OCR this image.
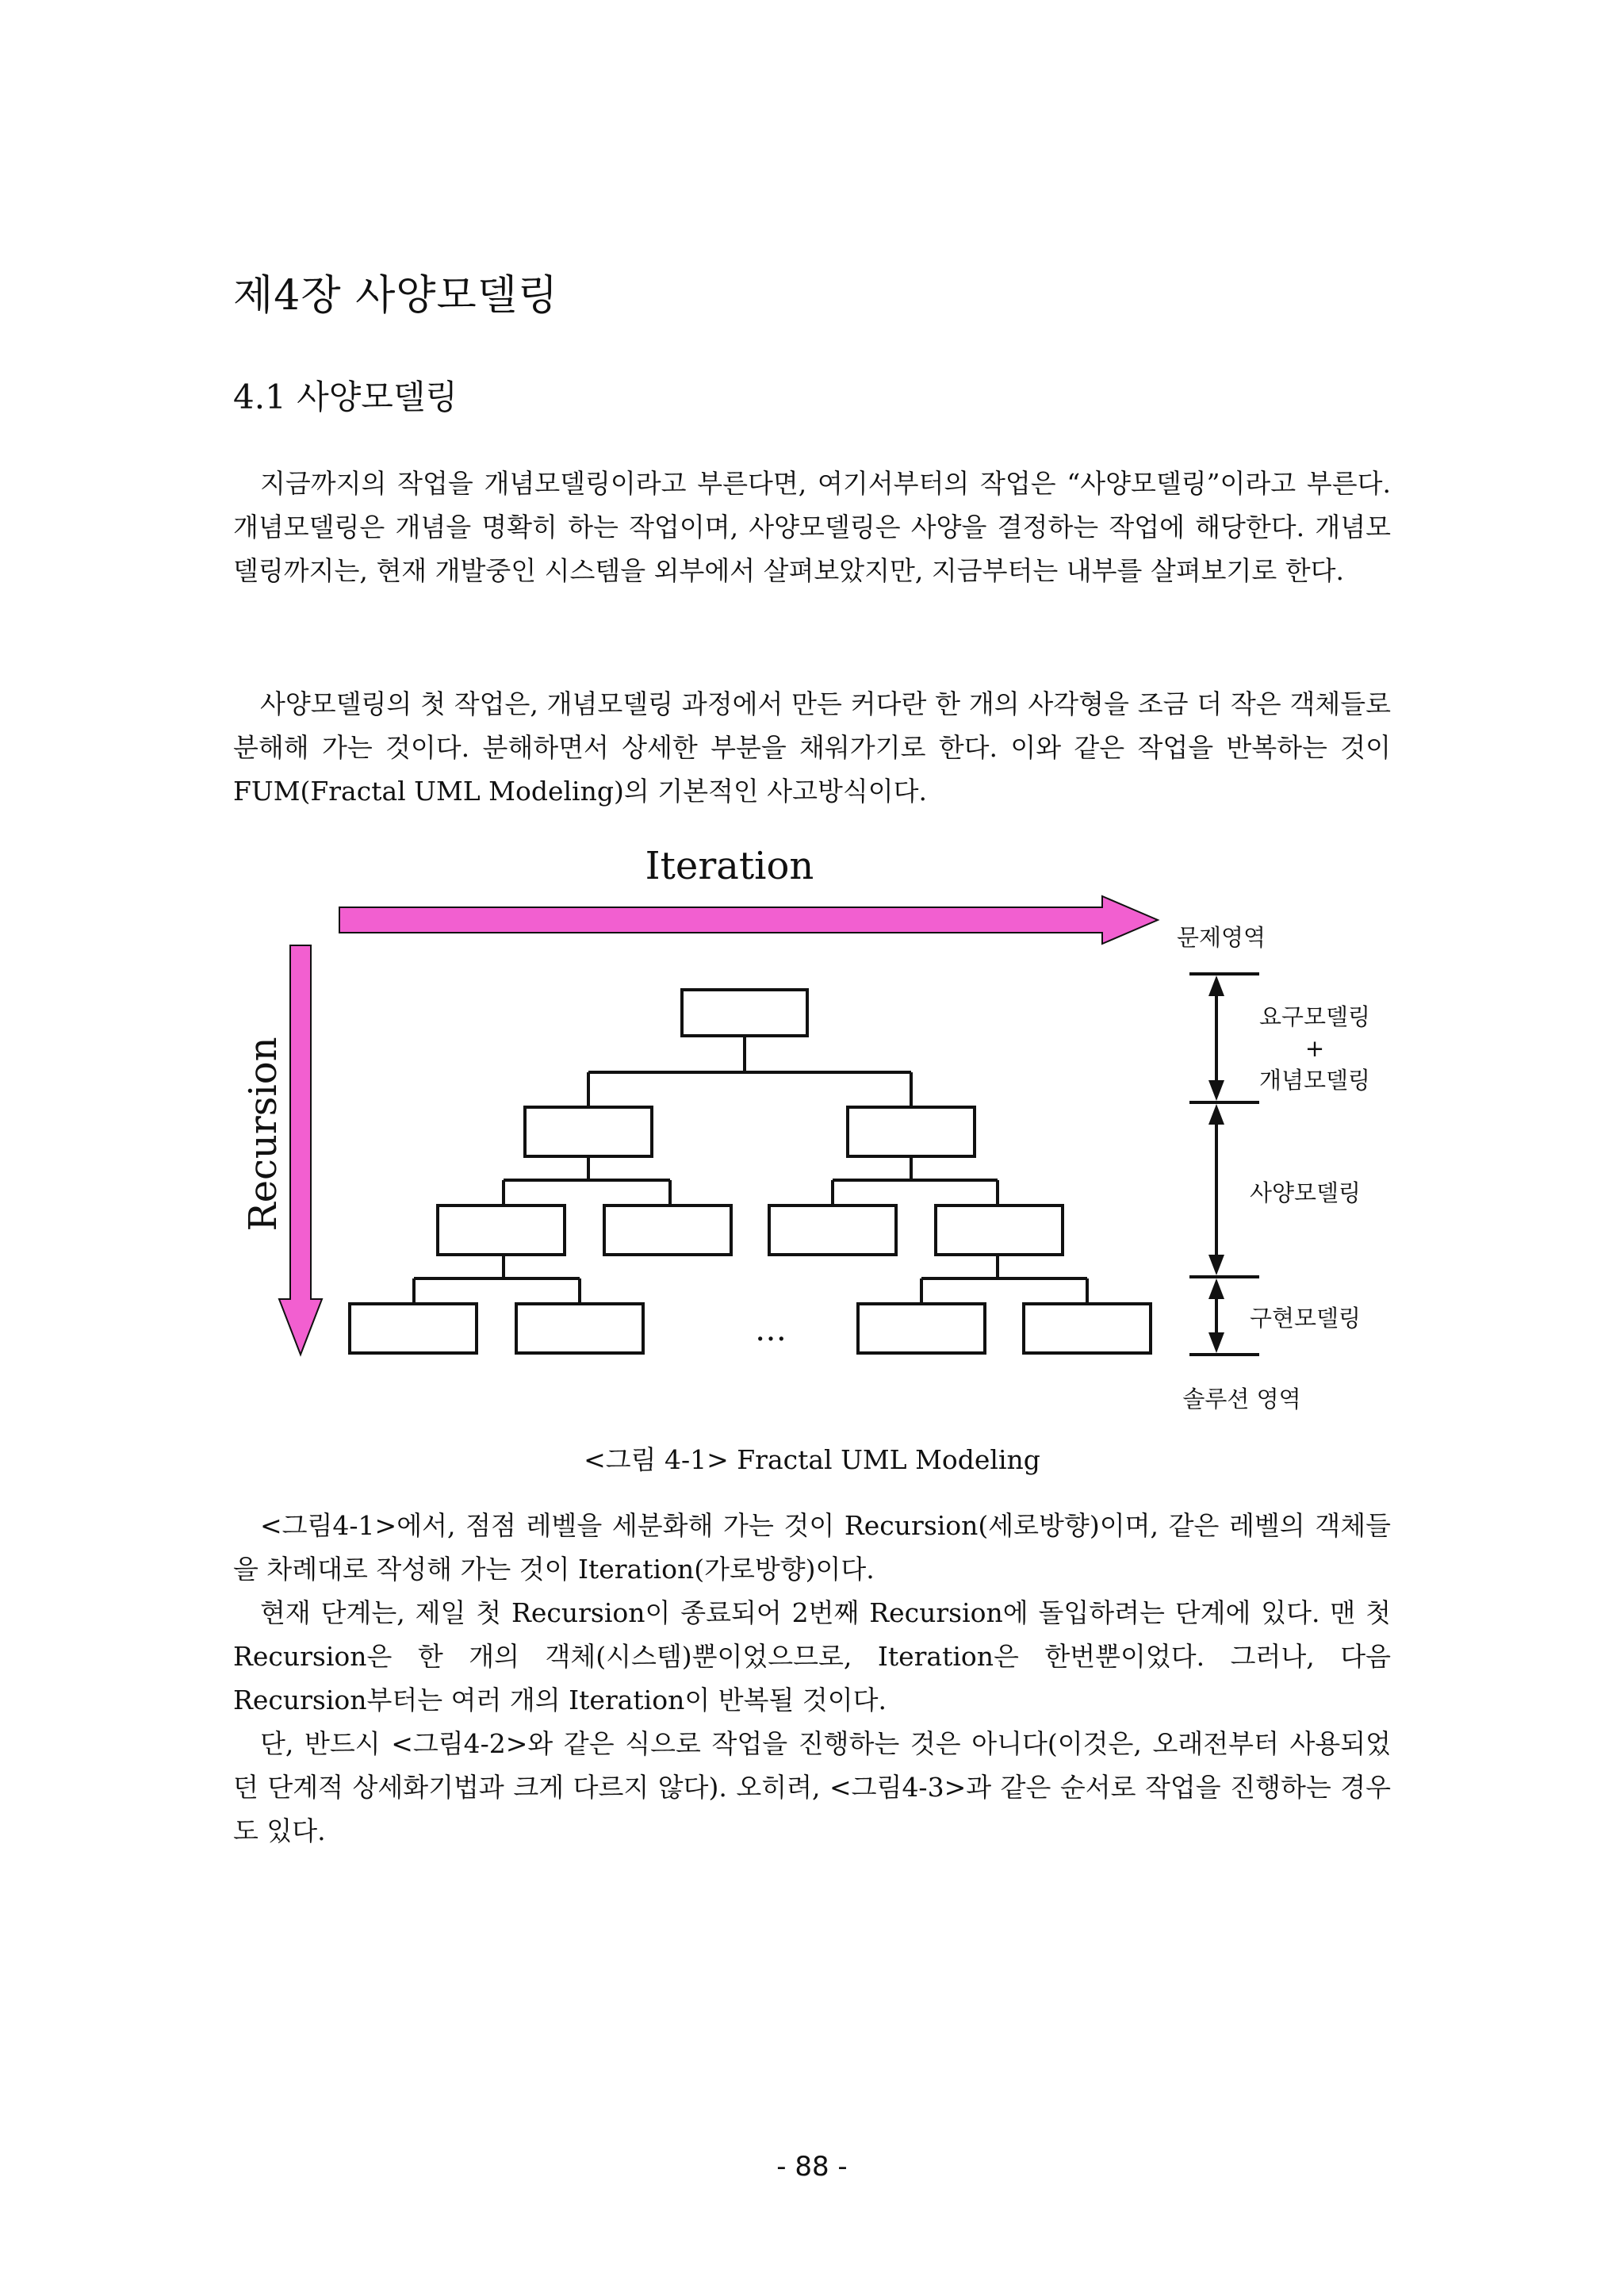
제4장 사양모델링
4.1 사양모델링

지금까지의 작업을 개념모델링이라고 부른다면, 여기서부터의 작업은 “사양모델링”이라고 부른다. 개념모델링은 개념을 명확히 하는 작업이며, 사양모델링은 사양을 결정하는 작업에 해당한다. 개념모델링까지는, 현재 개발중인 시스템을 외부에서 살펴보았지만, 지금부터는 내부를 살펴보기로 한다.

사양모델링의 첫 작업은, 개념모델링 과정에서 만든 커다란 한 개의 사각형을 조금 더 작은 객체들로 분해해 가는 것이다. 분해하면서 상세한 부분을 채워가기로 한다. 이와 같은 작업을 반복하는 것이 FUM(Fractal UML Modeling)의 기본적인 사고방식이다.

Iteration
문제영역
Recursion
…
요구모델링
+
개념모델링
사양모델링
구현모델링
솔루션 영역

<그림 4-1> Fractal UML Modeling

<그림4-1>에서, 점점 레벨을 세분화해 가는 것이 Recursion(세로방향)이며, 같은 레벨의 객체들을 차례대로 작성해 가는 것이 Iteration(가로방향)이다.

현재 단계는, 제일 첫 Recursion이 종료되어 2번째 Recursion에 돌입하려는 단계에 있다. 맨 첫 Recursion은 한 개의 객체(시스템)뿐이었으므로, Iteration은 한번뿐이었다. 그러나, 다음 Recursion부터는 여러 개의 Iteration이 반복될 것이다.

단, 반드시 <그림4-2>와 같은 식으로 작업을 진행하는 것은 아니다(이것은, 오래전부터 사용되었던 단계적 상세화기법과 크게 다르지 않다). 오히려, <그림4-3>과 같은 순서로 작업을 진행하는 경우도 있다.

- 88 -
